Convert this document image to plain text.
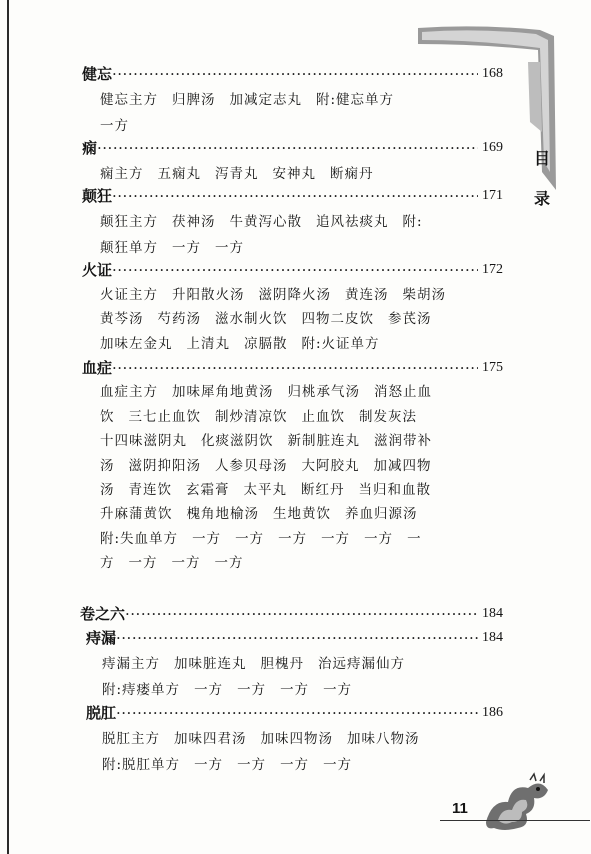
目
录
健忘 ·····	168
健忘主方 归脾汤 加减定志丸 附:健忘单方
一方
痫 ·····	169
痫主方 五痫丸 泻青丸 安神丸 断痫丹
颠狂 ·····	171
颠狂主方 茯神汤 牛黄泻心散 追风祛痰丸 附:
颠狂单方 一方 一方
火证 ·····	172
火证主方 升阳散火汤 滋阴降火汤 黄连汤 柴胡汤
黄芩汤 芍药汤 滋水制火饮 四物二皮饮 参芪汤
加味左金丸 上清丸 凉膈散 附:火证单方
血症 ·····	175
血症主方 加味犀角地黄汤 归桃承气汤 消怒止血
饮 三七止血饮 制炒清凉饮 止血饮 制发灰法
十四味滋阴丸 化痰滋阴饮 新制脏连丸 滋润带补
汤 滋阴抑阳汤 人参贝母汤 大阿胶丸 加减四物
汤 青连饮 玄霜膏 太平丸 断红丹 当归和血散
升麻蒲黄饮 槐角地榆汤 生地黄饮 养血归源汤
附:失血单方 一方 一方 一方 一方 一方 一
方 一方 一方 一方
卷之六 ·····	184
痔漏 ·····	184
痔漏主方 加味脏连丸 胆槐丹 治远痔漏仙方
附:痔瘘单方 一方 一方 一方 一方
脱肛 ·····	186
脱肛主方 加味四君汤 加味四物汤 加味八物汤
附:脱肛单方 一方 一方 一方 一方
11
